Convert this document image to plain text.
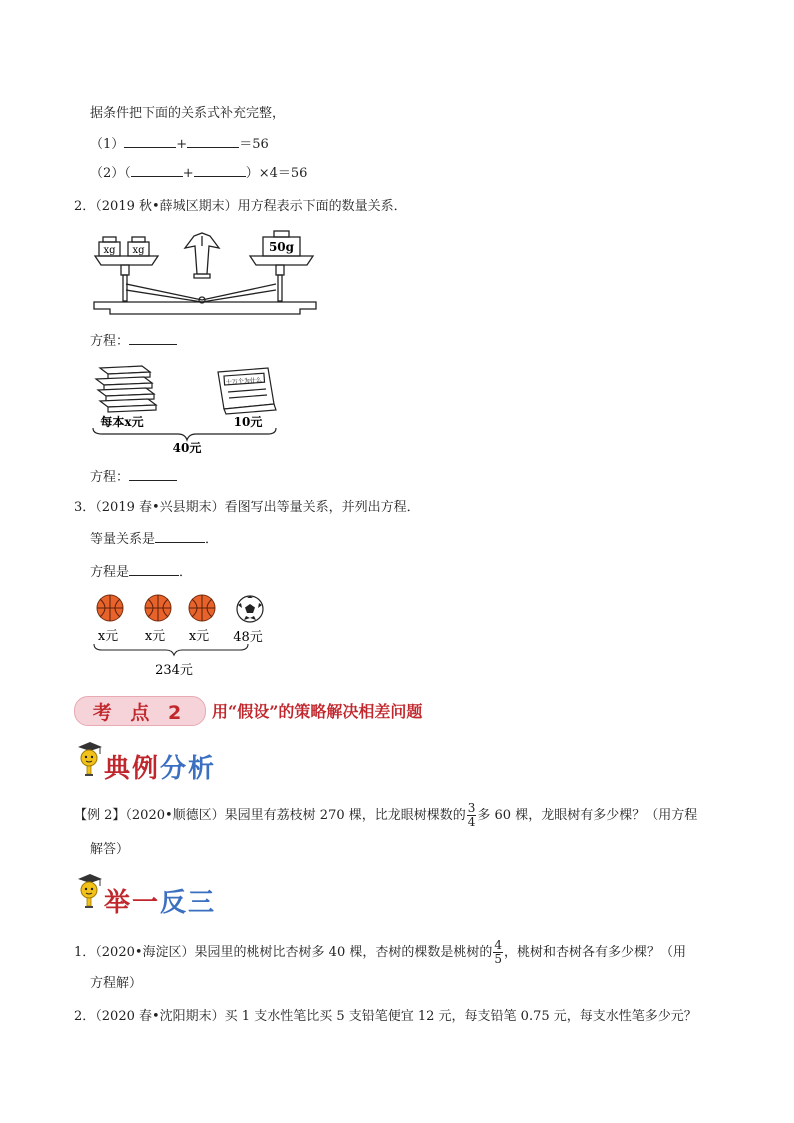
据条件把下面的关系式补充完整，
（1）	+	＝56
（2）（	+	）×4＝56
2．（2019 秋•薛城区期末）用方程表示下面的数量关系．
xg xg	50g
方程：
十万个为什么
每本x元	10元
40元
方程：
3．（2019 春•兴县期末）看图写出等量关系，并列出方程．
等量关系是	．
方程是	．
x元 x元 x元 48元
234元
考 点 2 用“假设”的策略解决相差问题
典例分析
【例 2】（2020•顺德区）果园里有荔枝树 270 棵，比龙眼树棵数的 $\frac{3}{4}$ 多 60 棵，龙眼树有多少棵？（用方程
解答）
举一反三
1．（2020•海淀区）果园里的桃树比杏树多 40 棵，杏树的棵数是桃树的 $\frac{4}{5}$ ，桃树和杏树各有多少棵？（用
方程解）
2．（2020 春•沈阳期末）买 1 支水性笔比买 5 支铅笔便宜 12 元，每支铅笔 0.75 元，每支水性笔多少元？
